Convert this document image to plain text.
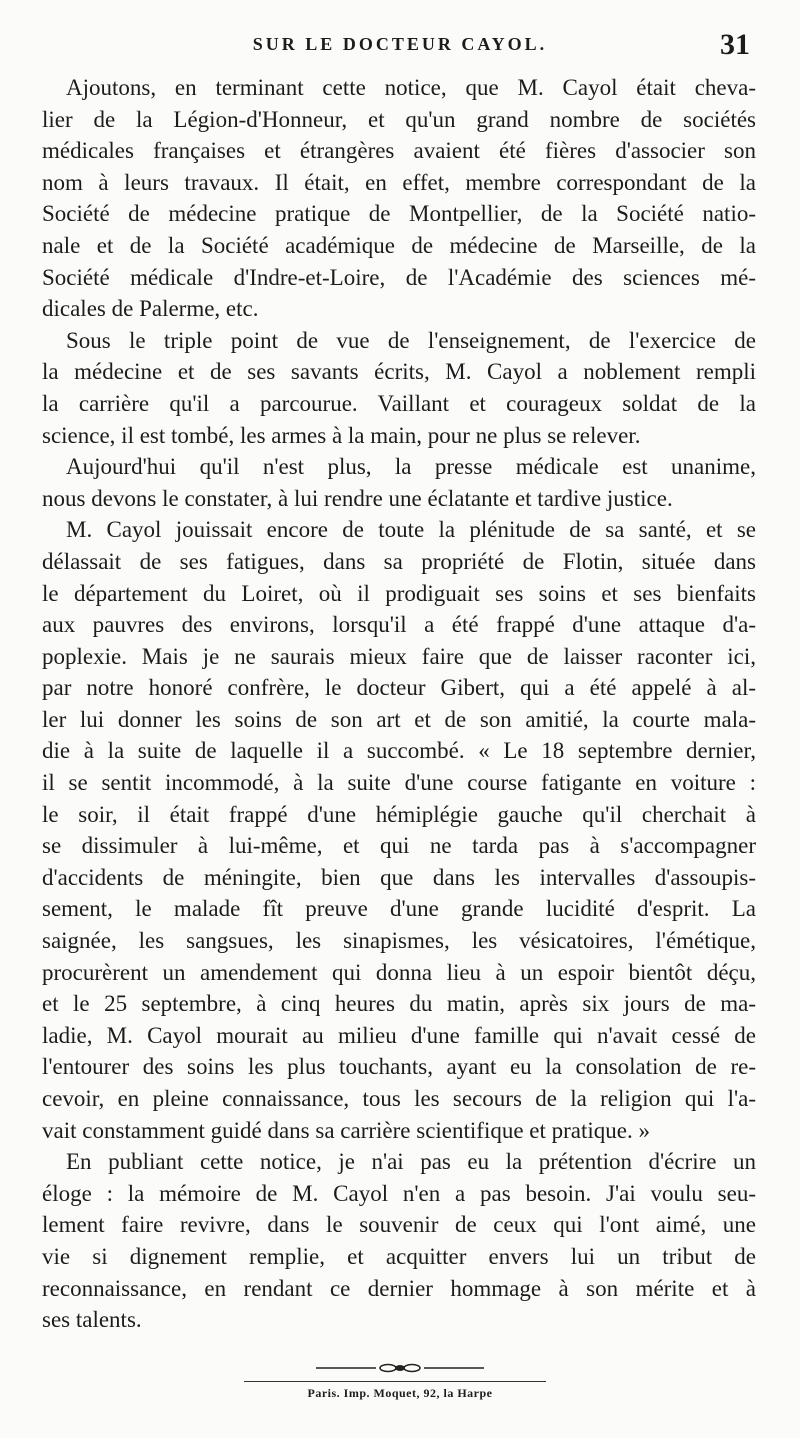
SUR LE DOCTEUR CAYOL.	31

Ajoutons, en terminant cette notice, que M. Cayol était cheva-
lier de la Légion-d'Honneur, et qu'un grand nombre de sociétés
médicales françaises et étrangères avaient été fières d'associer son
nom à leurs travaux. Il était, en effet, membre correspondant de la
Société de médecine pratique de Montpellier, de la Société natio-
nale et de la Société académique de médecine de Marseille, de la
Société médicale d'Indre-et-Loire, de l'Académie des sciences mé-
dicales de Palerme, etc.

Sous le triple point de vue de l'enseignement, de l'exercice de
la médecine et de ses savants écrits, M. Cayol a noblement rempli
la carrière qu'il a parcourue. Vaillant et courageux soldat de la
science, il est tombé, les armes à la main, pour ne plus se relever.

Aujourd'hui qu'il n'est plus, la presse médicale est unanime,
nous devons le constater, à lui rendre une éclatante et tardive justice.

M. Cayol jouissait encore de toute la plénitude de sa santé, et se
délassait de ses fatigues, dans sa propriété de Flotin, située dans
le département du Loiret, où il prodiguait ses soins et ses bienfaits
aux pauvres des environs, lorsqu'il a été frappé d'une attaque d'a-
poplexie. Mais je ne saurais mieux faire que de laisser raconter ici,
par notre honoré confrère, le docteur Gibert, qui a été appelé à al-
ler lui donner les soins de son art et de son amitié, la courte mala-
die à la suite de laquelle il a succombé. « Le 18 septembre dernier,
il se sentit incommodé, à la suite d'une course fatigante en voiture :
le soir, il était frappé d'une hémiplégie gauche qu'il cherchait à
se dissimuler à lui-même, et qui ne tarda pas à s'accompagner
d'accidents de méningite, bien que dans les intervalles d'assoupis-
sement, le malade fît preuve d'une grande lucidité d'esprit. La
saignée, les sangsues, les sinapismes, les vésicatoires, l'émétique,
procurèrent un amendement qui donna lieu à un espoir bientôt déçu,
et le 25 septembre, à cinq heures du matin, après six jours de ma-
ladie, M. Cayol mourait au milieu d'une famille qui n'avait cessé de
l'entourer des soins les plus touchants, ayant eu la consolation de re-
cevoir, en pleine connaissance, tous les secours de la religion qui l'a-
vait constamment guidé dans sa carrière scientifique et pratique. »

En publiant cette notice, je n'ai pas eu la prétention d'écrire un
éloge : la mémoire de M. Cayol n'en a pas besoin. J'ai voulu seu-
lement faire revivre, dans le souvenir de ceux qui l'ont aimé, une
vie si dignement remplie, et acquitter envers lui un tribut de
reconnaissance, en rendant ce dernier hommage à son mérite et à
ses talents.

Paris. Imp. Moquet, 92, la Harpe
